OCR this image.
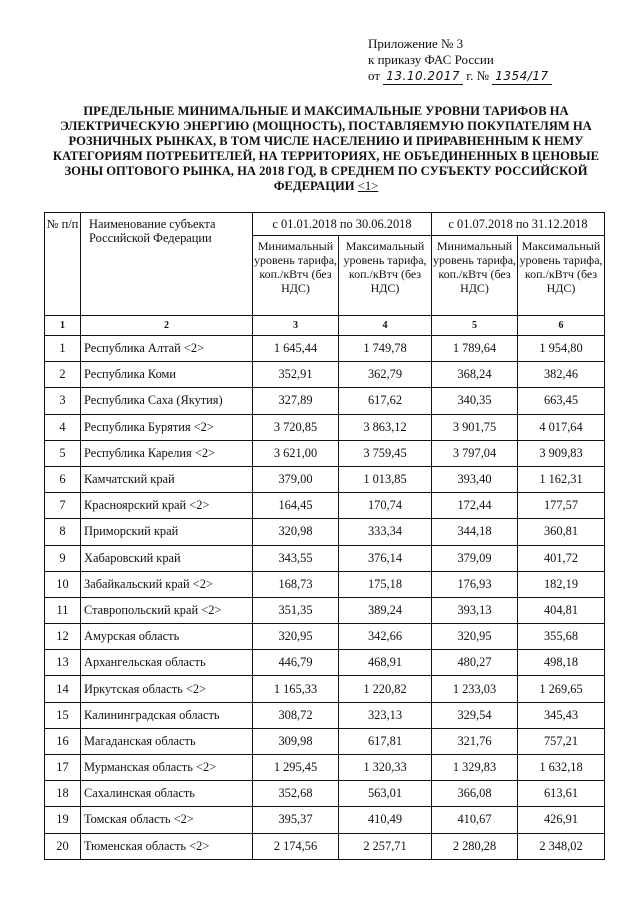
Приложение № 3
к приказу ФАС России
от 13.10.2017 г. № 1354/17
ПРЕДЕЛЬНЫЕ МИНИМАЛЬНЫЕ И МАКСИМАЛЬНЫЕ УРОВНИ ТАРИФОВ НА ЭЛЕКТРИЧЕСКУЮ ЭНЕРГИЮ (МОЩНОСТЬ), ПОСТАВЛЯЕМУЮ ПОКУПАТЕЛЯМ НА РОЗНИЧНЫХ РЫНКАХ, В ТОМ ЧИСЛЕ НАСЕЛЕНИЮ И ПРИРАВНЕННЫМ К НЕМУ КАТЕГОРИЯМ ПОТРЕБИТЕЛЕЙ, НА ТЕРРИТОРИЯХ, НЕ ОБЪЕДИНЕННЫХ В ЦЕНОВЫЕ ЗОНЫ ОПТОВОГО РЫНКА, НА 2018 ГОД, В СРЕДНЕМ ПО СУБЪЕКТУ РОССИЙСКОЙ ФЕДЕРАЦИИ <1>
№ п/п	Наименование субъекта Российской Федерации	с 01.01.2018 по 30.06.2018		с 01.07.2018 по 31.12.2018	
		Минимальный уровень тарифа, коп./кВтч (без НДС)	Максимальный уровень тарифа, коп./кВтч (без НДС)	Минимальный уровень тарифа, коп./кВтч (без НДС)	Максимальный уровень тарифа, коп./кВтч (без НДС)
1	2	3	4	5	6
1	Республика Алтай <2>	1 645,44	1 749,78	1 789,64	1 954,80
2	Республика Коми	352,91	362,79	368,24	382,46
3	Республика Саха (Якутия)	327,89	617,62	340,35	663,45
4	Республика Бурятия <2>	3 720,85	3 863,12	3 901,75	4 017,64
5	Республика Карелия <2>	3 621,00	3 759,45	3 797,04	3 909,83
6	Камчатский край	379,00	1 013,85	393,40	1 162,31
7	Красноярский край <2>	164,45	170,74	172,44	177,57
8	Приморский край	320,98	333,34	344,18	360,81
9	Хабаровский край	343,55	376,14	379,09	401,72
10	Забайкальский край <2>	168,73	175,18	176,93	182,19
11	Ставропольский край <2>	351,35	389,24	393,13	404,81
12	Амурская область	320,95	342,66	320,95	355,68
13	Архангельская область	446,79	468,91	480,27	498,18
14	Иркутская область <2>	1 165,33	1 220,82	1 233,03	1 269,65
15	Калининградская область	308,72	323,13	329,54	345,43
16	Магаданская область	309,98	617,81	321,76	757,21
17	Мурманская область <2>	1 295,45	1 320,33	1 329,83	1 632,18
18	Сахалинская область	352,68	563,01	366,08	613,61
19	Томская область <2>	395,37	410,49	410,67	426,91
20	Тюменская область <2>	2 174,56	2 257,71	2 280,28	2 348,02
